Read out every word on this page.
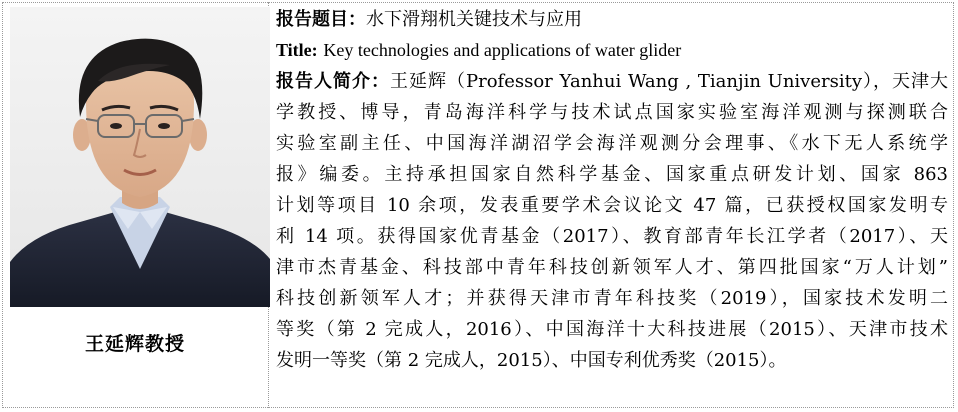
王延辉教授
报告题目：水下滑翔机关键技术与应用
Title: Key technologies and applications of water glider
报告人简介：王延辉（Professor Yanhui Wang , Tianjin University），天津大
学教授、博导，青岛海洋科学与技术试点国家实验室海洋观测与探测联合
实验室副主任、中国海洋湖沼学会海洋观测分会理事、《水下无人系统学
报》编委。主持承担国家自然科学基金、国家重点研发计划、国家 863
计划等项目 10 余项，发表重要学术会议论文 47 篇，已获授权国家发明专
利 14 项。获得国家优青基金（2017）、教育部青年长江学者（2017）、天
津市杰青基金、科技部中青年科技创新领军人才、第四批国家“万人计划”
科技创新领军人才；并获得天津市青年科技奖（2019），国家技术发明二
等奖（第 2 完成人，2016）、中国海洋十大科技进展（2015）、天津市技术
发明一等奖（第 2 完成人，2015）、中国专利优秀奖（2015）。
